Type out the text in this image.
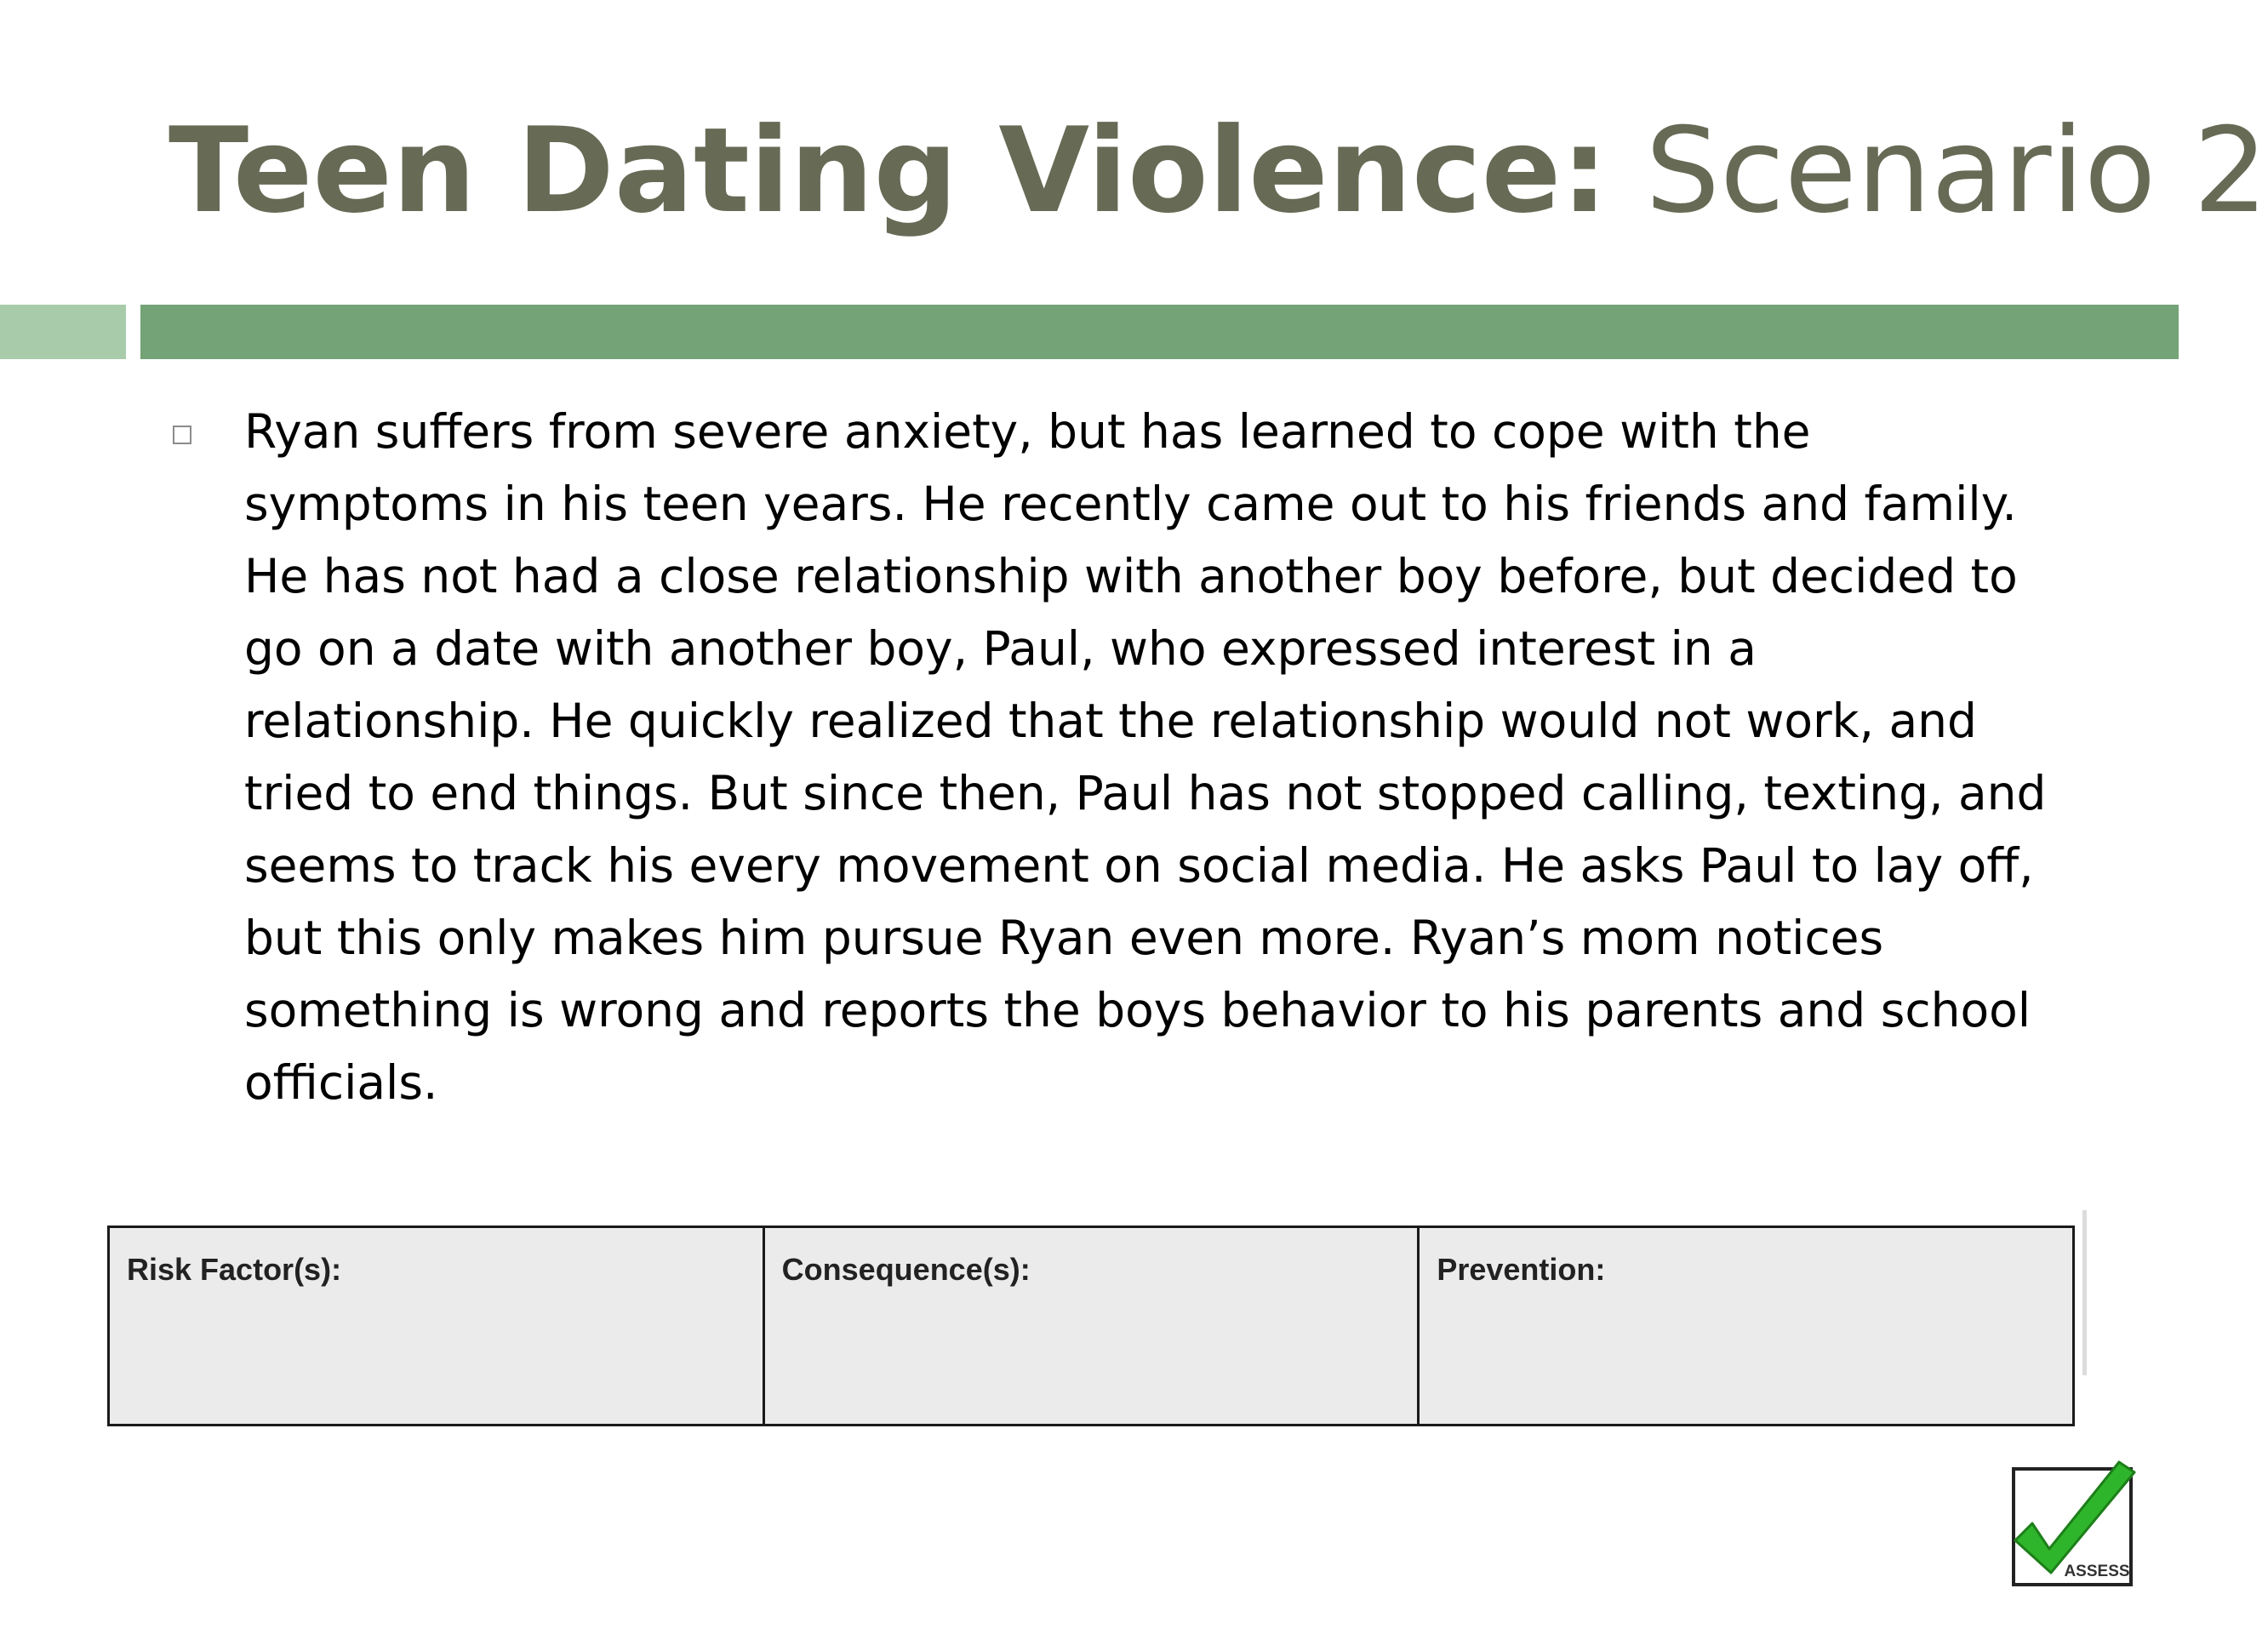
Teen Dating Violence: Scenario 2

Ryan suffers from severe anxiety, but has learned to cope with the
symptoms in his teen years. He recently came out to his friends and family.
He has not had a close relationship with another boy before, but decided to
go on a date with another boy, Paul, who expressed interest in a
relationship. He quickly realized that the relationship would not work, and
tried to end things. But since then, Paul has not stopped calling, texting, and
seems to track his every movement on social media. He asks Paul to lay off,
but this only makes him pursue Ryan even more. Ryan’s mom notices
something is wrong and reports the boys behavior to his parents and school
officials.

Risk Factor(s):	Consequence(s):	Prevention:
ASSESS
